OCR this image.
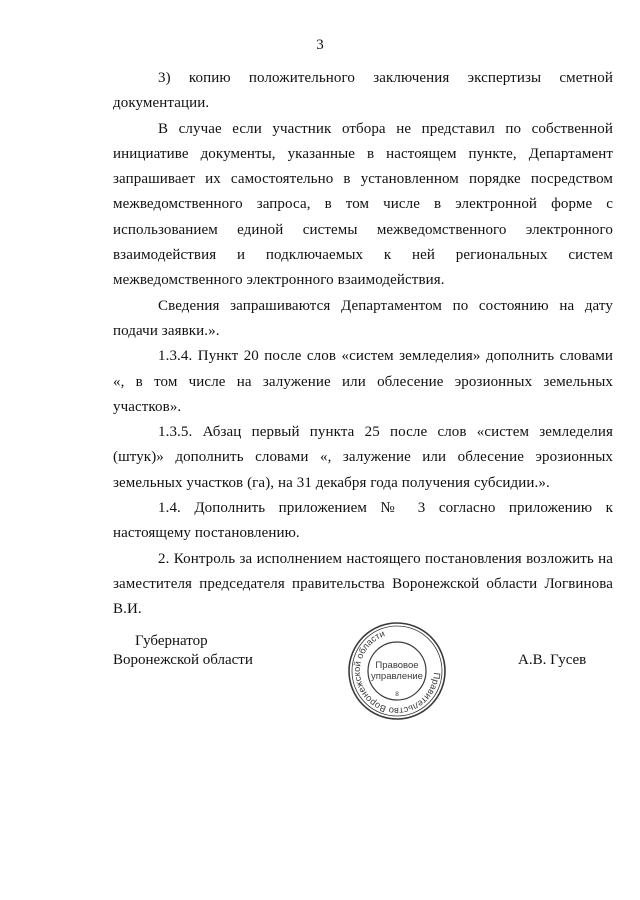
3

3) копию положительного заключения экспертизы сметной документации.

В случае если участник отбора не представил по собственной инициативе документы, указанные в настоящем пункте, Департамент запрашивает их самостоятельно в установленном порядке посредством межведомственного запроса, в том числе в электронной форме с использованием единой системы межведомственного электронного взаимодействия и подключаемых к ней региональных систем межведомственного электронного взаимодействия.

Сведения запрашиваются Департаментом по состоянию на дату подачи заявки.».

1.3.4. Пункт 20 после слов «систем земледелия» дополнить словами «, в том числе на залужение или облесение эрозионных земельных участков».

1.3.5. Абзац первый пункта 25 после слов «систем земледелия (штук)» дополнить словами «, залужение или облесение эрозионных земельных участков (га), на 31 декабря года получения субсидии.».

1.4. Дополнить приложением № 3 согласно приложению к настоящему постановлению.

2. Контроль за исполнением настоящего постановления возложить на заместителя председателя правительства Воронежской области Логвинова В.И.

Губернатор
Воронежской области
Правительство Воронежской области
Правовое
управление
8
А.В. Гусев
